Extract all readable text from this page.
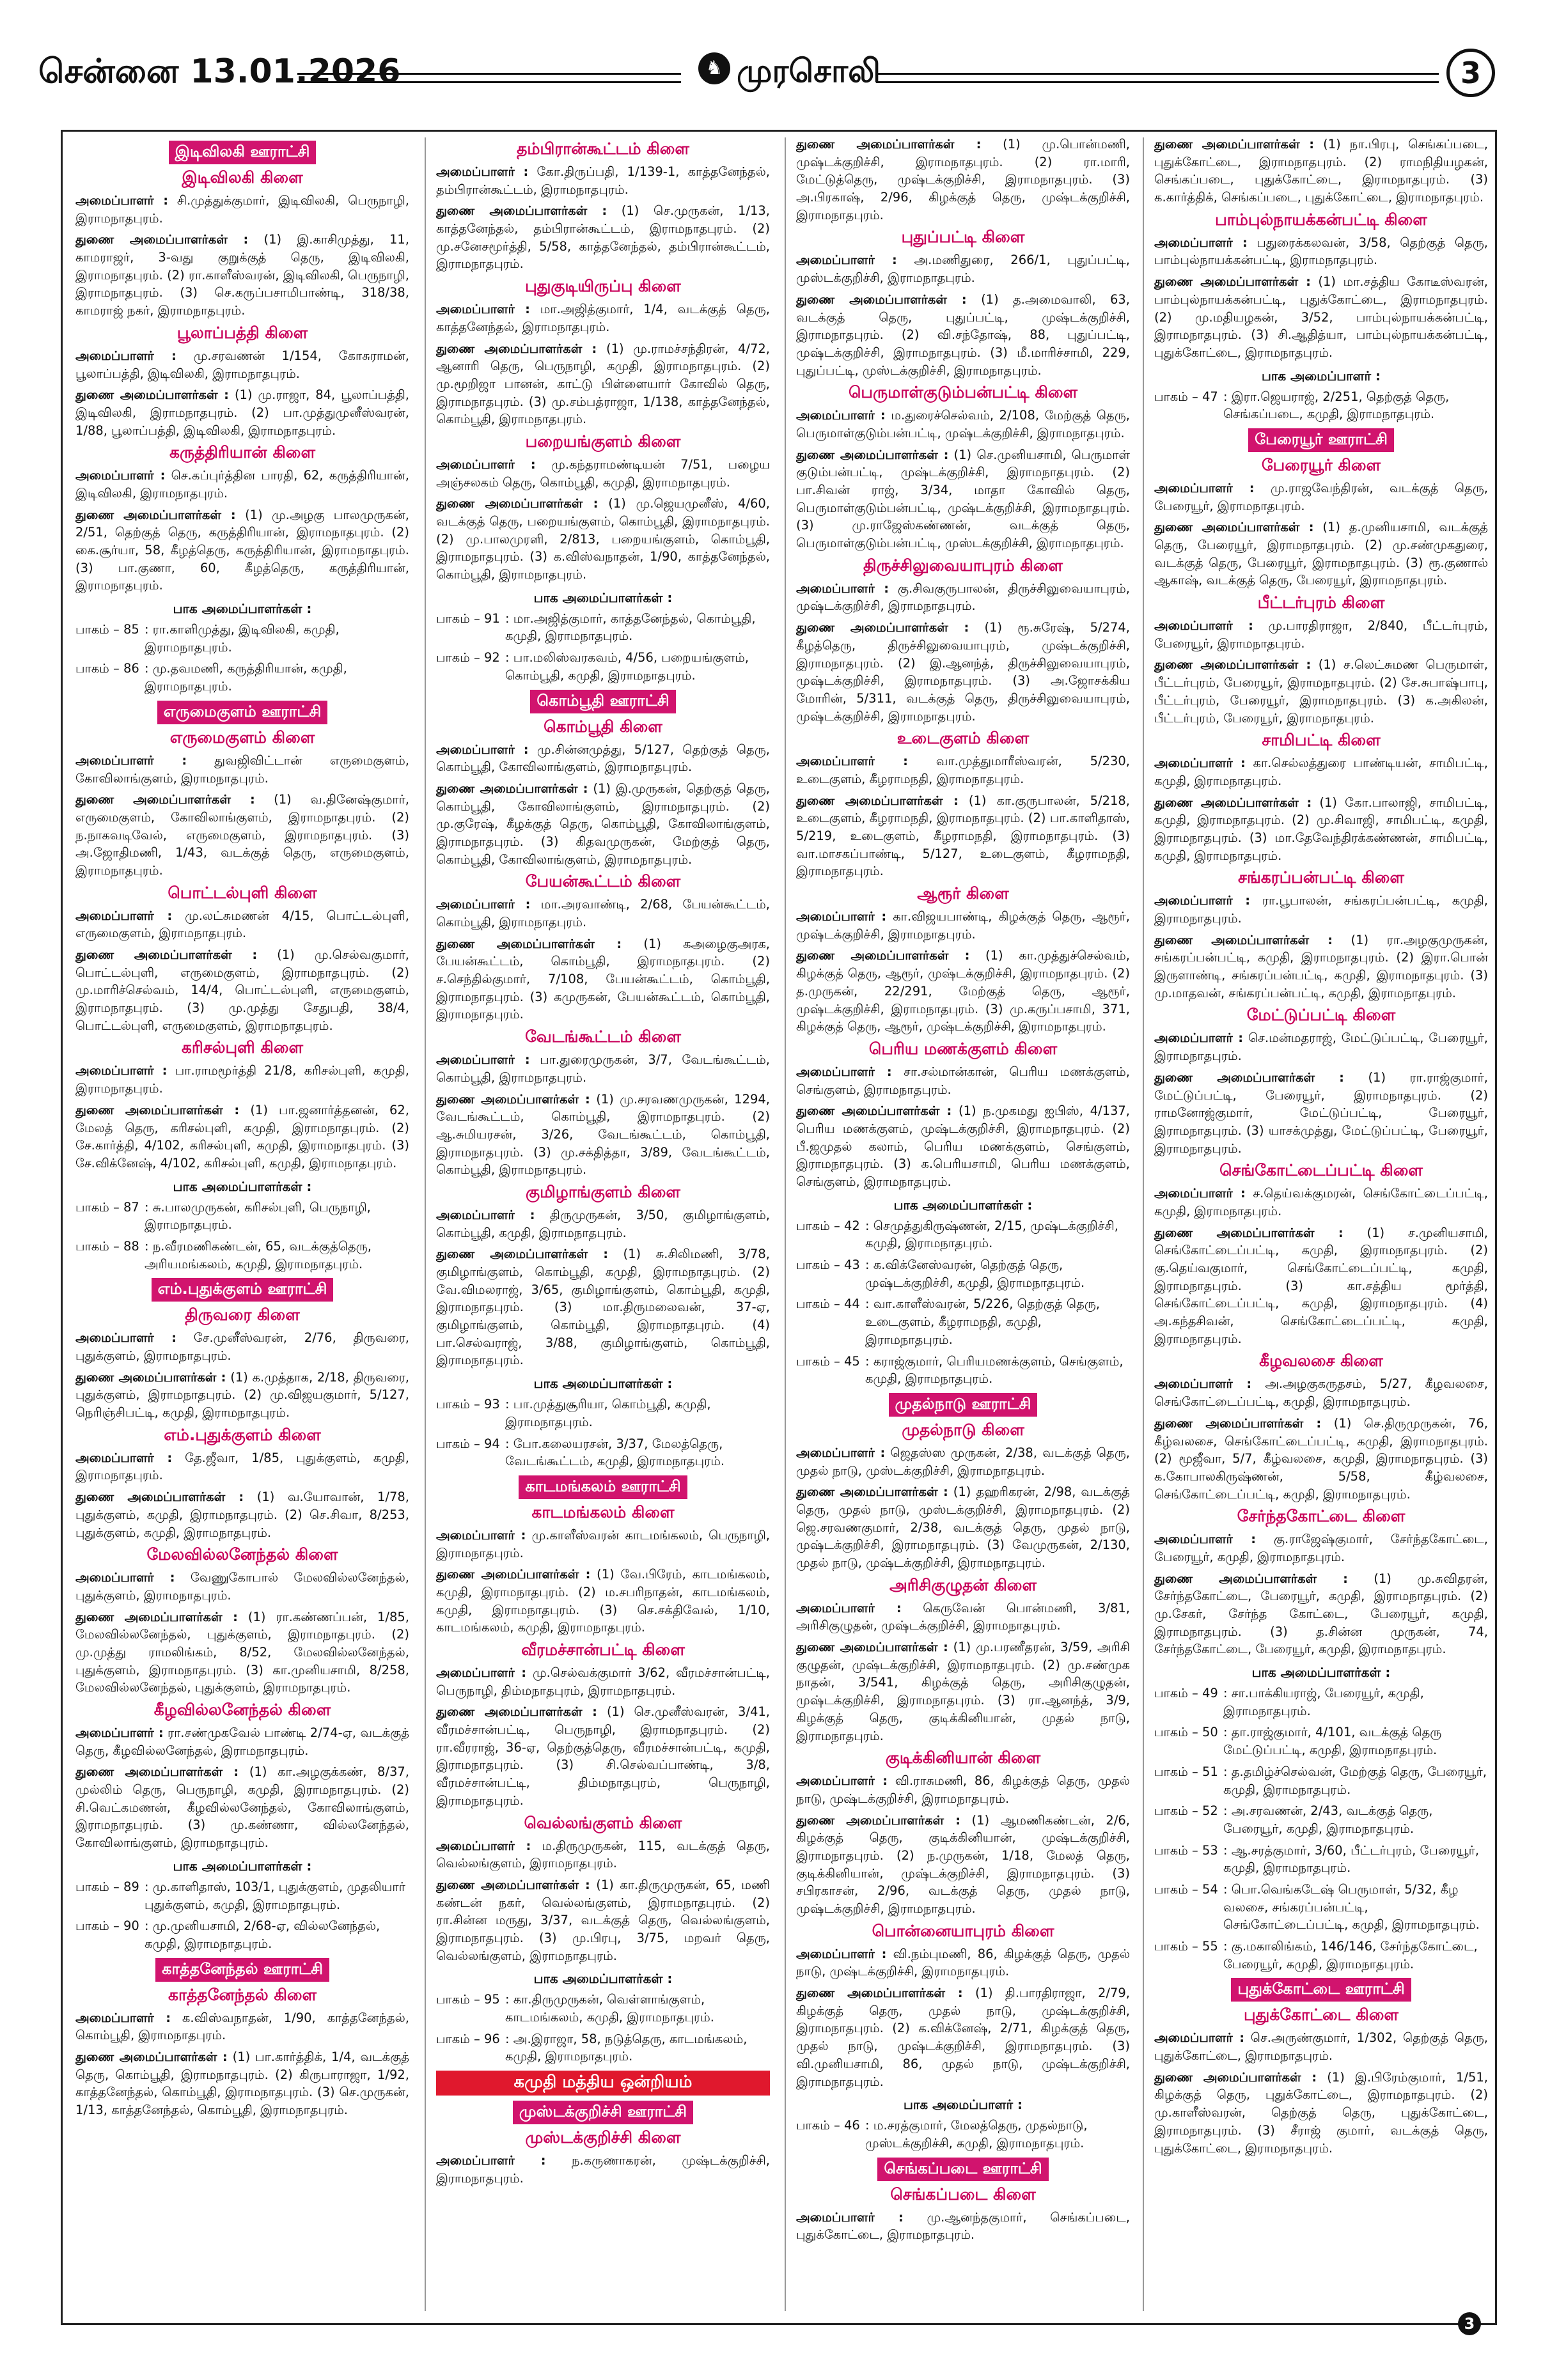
சென்னை 13.01.2026	♞ முரசொலி	3
இடிவிலகி ஊராட்சி
இடிவிலகி கிளை

அமைப்பாளர் : சி.முத்துக்குமார், இடிவிலகி, பெருநாழி, இராமநாதபுரம்.

துணை அமைப்பாளர்கள் : (1) இ.காசிமுத்து, 11, காமராஜர், 3-வது குறுக்குத் தெரு, இடிவிலகி, இராமநாதபுரம். (2) ரா.காளீஸ்வரன், இடிவிலகி, பெருநாழி, இராமநாதபுரம். (3) செ.கருப்பசாமிபாண்டி, 318/38, காமராஜ் நகர், இராமநாதபுரம்.

பூலாப்பத்தி கிளை

அமைப்பாளர் : மு.சரவணன் 1/154, கோசுராமன், பூலாப்பத்தி, இடிவிலகி, இராமநாதபுரம்.

துணை அமைப்பாளர்கள் : (1) மு.ராஜா, 84, பூலாப்பத்தி, இடிவிலகி, இராமநாதபுரம். (2) பா.முத்துமுனீஸ்வரன், 1/88, பூலாப்பத்தி, இடிவிலகி, இராமநாதபுரம்.

கருத்திரியான் கிளை

அமைப்பாளர் : செ.கப்புர்த்தின பாரதி, 62, கருத்திரியான், இடிவிலகி, இராமநாதபுரம்.

துணை அமைப்பாளர்கள் : (1) மு.அழகு பாலமுருகன், 2/51, தெற்குத் தெரு, கருத்திரியான், இராமநாதபுரம். (2) கை.சூர்யா, 58, கீழத்தெரு, கருத்திரியான், இராமநாதபுரம். (3) பா.குணா, 60, கீழத்தெரு, கருத்திரியான், இராமநாதபுரம்.

பாக அமைப்பாளர்கள் :
பாகம் – 85 : ரா.காளிமுத்து, இடிவிலகி, கமுதி, இராமநாதபுரம்.
பாகம் – 86 : மு.தவமணி, கருத்திரியான், கமுதி, இராமநாதபுரம்.
எருமைகுளம் ஊராட்சி
எருமைகுளம் கிளை

அமைப்பாளர் : துவஜிவிட்டான் எருமைகுளம், கோவிலாங்குளம், இராமநாதபுரம்.

துணை அமைப்பாளர்கள் : (1) வ.தினேஷ்குமார், எருமைகுளம், கோவிலாங்குளம், இராமநாதபுரம். (2) ந.நாகவடிவேல், எருமைகுளம், இராமநாதபுரம். (3) அ.ஜோதிமணி, 1/43, வடக்குத் தெரு, எருமைகுளம், இராமநாதபுரம்.

பொட்டல்புளி கிளை

அமைப்பாளர் : மு.லட்சுமணன் 4/15, பொட்டல்புளி, எருமைகுளம், இராமநாதபுரம்.

துணை அமைப்பாளர்கள் : (1) மு.செல்வகுமார், பொட்டல்புளி, எருமைகுளம், இராமநாதபுரம். (2) மு.மாரிச்செல்வம், 14/4, பொட்டல்புளி, எருமைகுளம், இராமநாதபுரம். (3) மு.முத்து சேதுபதி, 38/4, பொட்டல்புளி, எருமைகுளம், இராமநாதபுரம்.

கரிசல்புளி கிளை

அமைப்பாளர் : பா.ராமமூர்த்தி 21/8, கரிசல்புளி, கமுதி, இராமநாதபுரம்.

துணை அமைப்பாளர்கள் : (1) பா.ஜனார்த்தனன், 62, மேலத் தெரு, கரிசல்புளி, கமுதி, இராமநாதபுரம். (2) சே.கார்த்தி, 4/102, கரிசல்புளி, கமுதி, இராமநாதபுரம். (3) சே.விக்னேஷ், 4/102, கரிசல்புளி, கமுதி, இராமநாதபுரம்.

பாக அமைப்பாளர்கள் :
பாகம் – 87 : சு.பாலமுருகன், கரிசல்புளி, பெருநாழி, இராமநாதபுரம்.
பாகம் – 88 : ந.வீரமணிகண்டன், 65, வடக்குத்தெரு, அரியமங்கலம், கமுதி, இராமநாதபுரம்.
எம்.புதுக்குளம் ஊராட்சி
திருவரை கிளை

அமைப்பாளர் : சே.முனீஸ்வரன், 2/76, திருவரை, புதுக்குளம், இராமநாதபுரம்.

துணை அமைப்பாளர்கள் : (1) க.முத்தாக, 2/18, திருவரை, புதுக்குளம், இராமநாதபுரம். (2) மு.விஜயகுமார், 5/127, நெரிஞ்சிபட்டி, கமுதி, இராமநாதபுரம்.

எம்.புதுக்குளம் கிளை

அமைப்பாளர் : தே.ஜீவா, 1/85, புதுக்குளம், கமுதி, இராமநாதபுரம்.

துணை அமைப்பாளர்கள் : (1) வ.யோவான், 1/78, புதுக்குளம், கமுதி, இராமநாதபுரம். (2) செ.சிவா, 8/253, புதுக்குளம், கமுதி, இராமநாதபுரம்.

மேலவில்லனேந்தல் கிளை

அமைப்பாளர் : வேணுகோபால் மேலவில்லனேந்தல், புதுக்குளம், இராமநாதபுரம்.

துணை அமைப்பாளர்கள் : (1) ரா.கண்ணப்பன், 1/85, மேலவில்லனேந்தல், புதுக்குளம், இராமநாதபுரம். (2) மு.முத்து ராமலிங்கம், 8/52, மேலவில்லனேந்தல், புதுக்குளம், இராமநாதபுரம். (3) கா.முனியசாமி, 8/258, மேலவில்லனேந்தல், புதுக்குளம், இராமநாதபுரம்.

கீழவில்லனேந்தல் கிளை

அமைப்பாளர் : ரா.சண்முகவேல் பாண்டி 2/74-ஏ, வடக்குத் தெரு, கீழவில்லனேந்தல், இராமநாதபுரம்.

துணை அமைப்பாளர்கள் : (1) கா.அழகுக்கண், 8/37, முல்லிம் தெரு, பெருநாழி, கமுதி, இராமநாதபுரம். (2) சி.வெட்கமணன், கீழவில்லனேந்தல், கோவிலாங்குளம், இராமநாதபுரம். (3) மு.கண்ணா, வில்லனேந்தல், கோவிலாங்குளம், இராமநாதபுரம்.

பாக அமைப்பாளர்கள் :
பாகம் – 89 : மு.காளிதாஸ், 103/1, புதுக்குளம், முதலியார் புதுக்குளம், கமுதி, இராமநாதபுரம்.
பாகம் – 90 : மு.முனியசாமி, 2/68-ஏ, வில்லனேந்தல், கமுதி, இராமநாதபுரம்.
காத்தனேந்தல் ஊராட்சி
காத்தனேந்தல் கிளை

அமைப்பாளர் : க.விஸ்வநாதன், 1/90, காத்தனேந்தல், கொம்பூதி, இராமநாதபுரம்.

துணை அமைப்பாளர்கள் : (1) பா.கார்த்திக், 1/4, வடக்குத் தெரு, கொம்பூதி, இராமநாதபுரம். (2) கிருபாராஜா, 1/92, காத்தனேந்தல், கொம்பூதி, இராமநாதபுரம். (3) செ.முருகன், 1/13, காத்தனேந்தல், கொம்பூதி, இராமநாதபுரம்.

தம்பிரான்கூட்டம் கிளை

அமைப்பாளர் : கோ.திருப்பதி, 1/139-1, காத்தனேந்தல், தம்பிரான்கூட்டம், இராமநாதபுரம்.

துணை அமைப்பாளர்கள் : (1) செ.முருகன், 1/13, காத்தனேந்தல், தம்பிரான்கூட்டம், இராமநாதபுரம். (2) மு.சனேசமூர்த்தி, 5/58, காத்தனேந்தல், தம்பிரான்கூட்டம், இராமநாதபுரம்.

புதுகுடியிருப்பு கிளை

அமைப்பாளர் : மா.அஜித்குமார், 1/4, வடக்குத் தெரு, காத்தனேந்தல், இராமநாதபுரம்.

துணை அமைப்பாளர்கள் : (1) மு.ராமச்சந்திரன், 4/72, ஆனாரி தெரு, பெருநாழி, கமுதி, இராமநாதபுரம். (2) மு.மூறிஜா பானன், காட்டு பிள்ளையார் கோவில் தெரு, இராமநாதபுரம். (3) மு.சம்பத்ராஜா, 1/138, காத்தனேந்தல், கொம்பூதி, இராமநாதபுரம்.

பறையங்குளம் கிளை

அமைப்பாளர் : மு.கந்தராமண்டியன் 7/51, பழைய அஞ்சலகம் தெரு, கொம்பூதி, கமுதி, இராமநாதபுரம்.

துணை அமைப்பாளர்கள் : (1) மு.ஜெயமுனீஸ், 4/60, வடக்குத் தெரு, பறையங்குளம், கொம்பூதி, இராமநாதபுரம். (2) மு.பாலமுரளி, 2/813, பறையங்குளம், கொம்பூதி, இராமநாதபுரம். (3) க.விஸ்வநாதன், 1/90, காத்தனேந்தல், கொம்பூதி, இராமநாதபுரம்.

பாக அமைப்பாளர்கள் :
பாகம் – 91 : மா.அஜித்குமார், காத்தனேந்தல், கொம்பூதி, கமுதி, இராமநாதபுரம்.
பாகம் – 92 : பா.மலிஸ்வரகவம், 4/56, பறையங்குளம், கொம்பூதி, கமுதி, இராமநாதபுரம்.
கொம்பூதி ஊராட்சி
கொம்பூதி கிளை

அமைப்பாளர் : மு.சின்னமுத்து, 5/127, தெற்குத் தெரு, கொம்பூதி, கோவிலாங்குளம், இராமநாதபுரம்.

துணை அமைப்பாளர்கள் : (1) இ.முருகன், தெற்குத் தெரு, கொம்பூதி, கோவிலாங்குளம், இராமநாதபுரம். (2) மு.குரேஷ், கீழக்குத் தெரு, கொம்பூதி, கோவிலாங்குளம், இராமநாதபுரம். (3) கிதவமுருகன், மேற்குத் தெரு, கொம்பூதி, கோவிலாங்குளம், இராமநாதபுரம்.

பேயன்கூட்டம் கிளை

அமைப்பாளர் : மா.அரவாண்டி, 2/68, பேயன்கூட்டம், கொம்பூதி, இராமநாதபுரம்.

துணை அமைப்பாளர்கள் : (1) கஅழைகுஅரக, பேயன்கூட்டம், கொம்பூதி, இராமநாதபுரம். (2) ச.செந்தில்குமார், 7/108, பேயன்கூட்டம், கொம்பூதி, இராமநாதபுரம். (3) கமுருகன், பேயன்கூட்டம், கொம்பூதி, இராமநாதபுரம்.

வேடங்கூட்டம் கிளை

அமைப்பாளர் : பா.துரைமுருகன், 3/7, வேடங்கூட்டம், கொம்பூதி, இராமநாதபுரம்.

துணை அமைப்பாளர்கள் : (1) மு.சரவணமுருகன், 1294, வேடங்கூட்டம், கொம்பூதி, இராமநாதபுரம். (2) ஆ.சுமியரசன், 3/26, வேடங்கூட்டம், கொம்பூதி, இராமநாதபுரம். (3) மு.சக்தித்தா, 3/89, வேடங்கூட்டம், கொம்பூதி, இராமநாதபுரம்.

குமிழாங்குளம் கிளை

அமைப்பாளர் : திருமுருகன், 3/50, குமிழாங்குளம், கொம்பூதி, கமுதி, இராமநாதபுரம்.

துணை அமைப்பாளர்கள் : (1) சு.சிலிமணி, 3/78, குமிழாங்குளம், கொம்பூதி, கமுதி, இராமநாதபுரம். (2) வே.விமலராஜ், 3/65, குமிழாங்குளம், கொம்பூதி, கமுதி, இராமநாதபுரம். (3) மா.திருமலைவன், 37-ஏ, குமிழாங்குளம், கொம்பூதி, இராமநாதபுரம். (4) பா.செல்வராஜ், 3/88, குமிழாங்குளம், கொம்பூதி, இராமநாதபுரம்.

பாக அமைப்பாளர்கள் :
பாகம் – 93 : பா.முத்துசூரியா, கொம்பூதி, கமுதி, இராமநாதபுரம்.
பாகம் – 94 : போ.கலையரசன், 3/37, மேலத்தெரு, வேடங்கூட்டம், கமுதி, இராமநாதபுரம்.
காடமங்கலம் ஊராட்சி
காடமங்கலம் கிளை

அமைப்பாளர் : மு.காளீஸ்வரன் காடமங்கலம், பெருநாழி, இராமநாதபுரம்.

துணை அமைப்பாளர்கள் : (1) வே.பிரேம், காடமங்கலம், கமுதி, இராமநாதபுரம். (2) ம.சபரிநாதன், காடமங்கலம், கமுதி, இராமநாதபுரம். (3) செ.சக்திவேல், 1/10, காடமங்கலம், கமுதி, இராமநாதபுரம்.

வீரமச்சான்பட்டி கிளை

அமைப்பாளர் : மு.செல்வக்குமார் 3/62, வீரமச்சான்பட்டி, பெருநாழி, திம்மநாதபுரம், இராமநாதபுரம்.

துணை அமைப்பாளர்கள் : (1) செ.முனீஸ்வரன், 3/41, வீரமச்சான்பட்டி, பெருநாழி, இராமநாதபுரம். (2) ரா.வீரராஜ், 36-ஏ, தெற்குத்தெரு, வீரமச்சான்பட்டி, கமுதி, இராமநாதபுரம். (3) சி.செல்வப்பாண்டி, 3/8, வீரமச்சான்பட்டி, திம்மநாதபுரம், பெருநாழி, இராமநாதபுரம்.

வெல்லங்குளம் கிளை

அமைப்பாளர் : ம.திருமுருகன், 115, வடக்குத் தெரு, வெல்லங்குளம், இராமநாதபுரம்.

துணை அமைப்பாளர்கள் : (1) கா.திருமுருகன், 65, மணி கண்டன் நகர், வெல்லங்குளம், இராமநாதபுரம். (2) ரா.சின்ன மருது, 3/37, வடக்குத் தெரு, வெல்லங்குளம், இராமநாதபுரம். (3) மு.பிரபு, 3/75, மறவர் தெரு, வெல்லங்குளம், இராமநாதபுரம்.

பாக அமைப்பாளர்கள் :
பாகம் – 95 : கா.திருமுருகன், வெள்ளாங்குளம், காடமங்கலம், கமுதி, இராமநாதபுரம்.
பாகம் – 96 : அ.இராஜா, 58, நடுத்தெரு, காடமங்கலம், கமுதி, இராமநாதபுரம்.
கமுதி மத்திய ஒன்றியம்
முஸ்டக்குறிச்சி ஊராட்சி
முஸ்டக்குறிச்சி கிளை

அமைப்பாளர் : ந.கருணாகரன், முஷ்டக்குறிச்சி, இராமநாதபுரம்.

துணை அமைப்பாளர்கள் : (1) மு.பொன்மணி, முஷ்டக்குறிச்சி, இராமநாதபுரம். (2) ரா.மாரி, மேட்டுத்தெரு, முஷ்டக்குறிச்சி, இராமநாதபுரம். (3) அ.பிரகாஷ், 2/96, கிழக்குத் தெரு, முஷ்டக்குறிச்சி, இராமநாதபுரம்.

புதுப்பட்டி கிளை

அமைப்பாளர் : அ.மணிதுரை, 266/1, புதுப்பட்டி, முஸ்டக்குறிச்சி, இராமநாதபுரம்.

துணை அமைப்பாளர்கள் : (1) த.அமைவாலி, 63, வடக்குத் தெரு, புதுப்பட்டி, முஷ்டக்குறிச்சி, இராமநாதபுரம். (2) வி.சந்தோஷ், 88, புதுப்பட்டி, முஷ்டக்குறிச்சி, இராமநாதபுரம். (3) மீ.மாரிச்சாமி, 229, புதுப்பட்டி, முஸ்டக்குறிச்சி, இராமநாதபுரம்.

பெருமாள்குடும்பன்பட்டி கிளை

அமைப்பாளர் : ம.துரைச்செல்வம், 2/108, மேற்குத் தெரு, பெருமாள்குடும்பன்பட்டி, முஷ்டக்குறிச்சி, இராமநாதபுரம்.

துணை அமைப்பாளர்கள் : (1) செ.முனியசாமி, பெருமாள் குடும்பன்பட்டி, முஷ்டக்குறிச்சி, இராமநாதபுரம். (2) பா.சிவன் ராஜ், 3/34, மாதா கோவில் தெரு, பெருமாள்குடும்பன்பட்டி, முஷ்டக்குறிச்சி, இராமநாதபுரம். (3) மு.ராஜேஸ்கண்ணன், வடக்குத் தெரு, பெருமாள்குடும்பன்பட்டி, முஸ்டக்குறிச்சி, இராமநாதபுரம்.

திருச்சிலுவையாபுரம் கிளை

அமைப்பாளர் : கு.சிவகுருபாலன், திருச்சிலுவையாபுரம், முஷ்டக்குறிச்சி, இராமநாதபுரம்.

துணை அமைப்பாளர்கள் : (1) ரூ.சுரேஷ், 5/274, கீழத்தெரு, திருச்சிலுவையாபுரம், முஷ்டக்குறிச்சி, இராமநாதபுரம். (2) இ.ஆனந்த், திருச்சிலுவையாபுரம், முஷ்டக்குறிச்சி, இராமநாதபுரம். (3) அ.ஜோசக்கிய மோரின், 5/311, வடக்குத் தெரு, திருச்சிலுவையாபுரம், முஷ்டக்குறிச்சி, இராமநாதபுரம்.

உடைகுளம் கிளை

அமைப்பாளர் : வா.முத்துமாரீஸ்வரன், 5/230, உடைகுளம், கீழராமநதி, இராமநாதபுரம்.

துணை அமைப்பாளர்கள் : (1) கா.குருபாலன், 5/218, உடைகுளம், கீழராமநதி, இராமநாதபுரம். (2) பா.காளிதாஸ், 5/219, உடைகுளம், கீழராமநதி, இராமநாதபுரம். (3) வா.மாசகப்பாண்டி, 5/127, உடைகுளம், கீழராமநதி, இராமநாதபுரம்.

ஆரூர் கிளை

அமைப்பாளர் : கா.விஜயபாண்டி, கிழக்குத் தெரு, ஆரூர், முஷ்டக்குறிச்சி, இராமநாதபுரம்.

துணை அமைப்பாளர்கள் : (1) கா.முத்துச்செல்வம், கிழக்குத் தெரு, ஆரூர், முஷ்டக்குறிச்சி, இராமநாதபுரம். (2) த.முருகன், 22/291, மேற்குத் தெரு, ஆரூர், முஷ்டக்குறிச்சி, இராமநாதபுரம். (3) மு.கருப்பசாமி, 371, கிழக்குத் தெரு, ஆரூர், முஷ்டக்குறிச்சி, இராமநாதபுரம்.

பெரிய மணக்குளம் கிளை

அமைப்பாளர் : சா.சல்மான்கான், பெரிய மணக்குளம், செங்குளம், இராமநாதபுரம்.

துணை அமைப்பாளர்கள் : (1) ந.முகமது ஐபிஸ், 4/137, பெரிய மணக்குளம், முஷ்டக்குறிச்சி, இராமநாதபுரம். (2) பீ.ஜமுதல் கலாம், பெரிய மணக்குளம், செங்குளம், இராமநாதபுரம். (3) க.பெரியசாமி, பெரிய மணக்குளம், செங்குளம், இராமநாதபுரம்.

பாக அமைப்பாளர்கள் :
பாகம் – 42 : செமுத்துகிருஷ்ணன், 2/15, முஷ்டக்குறிச்சி, கமுதி, இராமநாதபுரம்.
பாகம் – 43 : க.விக்னேஸ்வரன், தெற்குத் தெரு, முஷ்டக்குறிச்சி, கமுதி, இராமநாதபுரம்.
பாகம் – 44 : வா.காளீஸ்வரன், 5/226, தெற்குத் தெரு, உடைகுளம், கீழராமநதி, கமுதி, இராமநாதபுரம்.
பாகம் – 45 : கராஜ்குமார், பெரியமணக்குளம், செங்குளம், கமுதி, இராமநாதபுரம்.
முதல்நாடு ஊராட்சி
முதல்நாடு கிளை

அமைப்பாளர் : ஜெதஸ்ஸ முருகன், 2/38, வடக்குத் தெரு, முதல் நாடு, முஸ்டக்குறிச்சி, இராமநாதபுரம்.

துணை அமைப்பாளர்கள் : (1) தஹரிகரன், 2/98, வடக்குத் தெரு, முதல் நாடு, முஸ்டக்குறிச்சி, இராமநாதபுரம். (2) ஜெ.சரவணகுமார், 2/38, வடக்குத் தெரு, முதல் நாடு, முஷ்டக்குறிச்சி, இராமநாதபுரம். (3) வேமுருகன், 2/130, முதல் நாடு, முஷ்டக்குறிச்சி, இராமநாதபுரம்.

அரிசிகுழுதன் கிளை

அமைப்பாளர் : கெருவேன் பொன்மணி, 3/81, அரிசிகுழுதன், முஷ்டக்குறிச்சி, இராமநாதபுரம்.

துணை அமைப்பாளர்கள் : (1) மு.பரணீதரன், 3/59, அரிசி குழுதன், முஷ்டக்குறிச்சி, இராமநாதபுரம். (2) மு.சண்முக நாதன், 3/541, கிழக்குத் தெரு, அரிசிகுழுதன், முஷ்டக்குறிச்சி, இராமநாதபுரம். (3) ரா.ஆனந்த், 3/9, கிழக்குத் தெரு, குடிக்கினியான், முதல் நாடு, இராமநாதபுரம்.

குடிக்கினியான் கிளை

அமைப்பாளர் : வி.ராசுமணி, 86, கிழக்குத் தெரு, முதல் நாடு, முஷ்டக்குறிச்சி, இராமநாதபுரம்.

துணை அமைப்பாளர்கள் : (1) ஆமணிகண்டன், 2/6, கிழக்குத் தெரு, குடிக்கினியான், முஷ்டக்குறிச்சி, இராமநாதபுரம். (2) ந.முருகன், 1/18, மேலத் தெரு, குடிக்கினியான், முஷ்டக்குறிச்சி, இராமநாதபுரம். (3) சபிரகாசன், 2/96, வடக்குத் தெரு, முதல் நாடு, முஷ்டக்குறிச்சி, இராமநாதபுரம்.

பொன்னையாபுரம் கிளை

அமைப்பாளர் : வி.நம்புமணி, 86, கிழக்குத் தெரு, முதல் நாடு, முஷ்டக்குறிச்சி, இராமநாதபுரம்.

துணை அமைப்பாளர்கள் : (1) தி.பாரதிராஜா, 2/79, கிழக்குத் தெரு, முதல் நாடு, முஷ்டக்குறிச்சி, இராமநாதபுரம். (2) க.விக்னேஷ், 2/71, கிழக்குத் தெரு, முதல் நாடு, முஷ்டக்குறிச்சி, இராமநாதபுரம். (3) வி.முனியசாமி, 86, முதல் நாடு, முஷ்டக்குறிச்சி, இராமநாதபுரம்.

பாக அமைப்பாளர் :
பாகம் – 46 : ம.சரத்குமார், மேலத்தெரு, முதல்நாடு, முஸ்டக்குறிச்சி, கமுதி, இராமநாதபுரம்.
செங்கப்படை ஊராட்சி
செங்கப்படை கிளை

அமைப்பாளர் : மு.ஆனந்தகுமார், செங்கப்படை, புதுக்கோட்டை, இராமநாதபுரம்.

துணை அமைப்பாளர்கள் : (1) நா.பிரபு, செங்கப்படை, புதுக்கோட்டை, இராமநாதபுரம். (2) ராமநிதியழகன், செங்கப்படை, புதுக்கோட்டை, இராமநாதபுரம். (3) க.கார்த்திக், செங்கப்படை, புதுக்கோட்டை, இராமநாதபுரம்.

பாம்புல்நாயக்கன்பட்டி கிளை

அமைப்பாளர் : பதுரைக்கலவன், 3/58, தெற்குத் தெரு, பாம்புல்நாயக்கன்பட்டி, இராமநாதபுரம்.

துணை அமைப்பாளர்கள் : (1) மா.சத்திய கோடீஸ்வரன், பாம்புல்நாயக்கன்பட்டி, புதுக்கோட்டை, இராமநாதபுரம். (2) மு.மதியழகன், 3/52, பாம்புல்நாயக்கன்பட்டி, இராமநாதபுரம். (3) சி.ஆதித்யா, பாம்புல்நாயக்கன்பட்டி, புதுக்கோட்டை, இராமநாதபுரம்.

பாக அமைப்பாளர் :
பாகம் – 47 : இரா.ஜெயராஜ், 2/251, தெற்குத் தெரு, செங்கப்படை, கமுதி, இராமநாதபுரம்.
பேரையூர் ஊராட்சி
பேரையூர் கிளை

அமைப்பாளர் : மு.ராஜவேந்திரன், வடக்குத் தெரு, பேரையூர், இராமநாதபுரம்.

துணை அமைப்பாளர்கள் : (1) த.முனியசாமி, வடக்குத் தெரு, பேரையூர், இராமநாதபுரம். (2) மு.சண்முகதுரை, வடக்குத் தெரு, பேரையூர், இராமநாதபுரம். (3) ரூ.குணால் ஆகாஷ், வடக்குத் தெரு, பேரையூர், இராமநாதபுரம்.

பீட்டர்புரம் கிளை

அமைப்பாளர் : மு.பாரதிராஜா, 2/840, பீட்டர்புரம், பேரையூர், இராமநாதபுரம்.

துணை அமைப்பாளர்கள் : (1) ச.லெட்சுமண பெருமாள், பீட்டர்புரம், பேரையூர், இராமநாதபுரம். (2) சே.சுபாஷ்பாபு, பீட்டர்புரம், பேரையூர், இராமநாதபுரம். (3) க.அகிலன், பீட்டர்புரம், பேரையூர், இராமநாதபுரம்.

சாமிபட்டி கிளை

அமைப்பாளர் : கா.செல்லத்துரை பாண்டியன், சாமிபட்டி, கமுதி, இராமநாதபுரம்.

துணை அமைப்பாளர்கள் : (1) கோ.பாலாஜி, சாமிபட்டி, கமுதி, இராமநாதபுரம். (2) மு.சிவாஜி, சாமிபட்டி, கமுதி, இராமநாதபுரம். (3) மா.தேவேந்திரக்கண்ணன், சாமிபட்டி, கமுதி, இராமநாதபுரம்.

சங்கரப்பன்பட்டி கிளை

அமைப்பாளர் : ரா.பூபாலன், சங்கரப்பன்பட்டி, கமுதி, இராமநாதபுரம்.

துணை அமைப்பாளர்கள் : (1) ரா.அழகுமுருகன், சங்கரப்பன்பட்டி, கமுதி, இராமநாதபுரம். (2) இரா.பொன் இருளாண்டி, சங்கரப்பன்பட்டி, கமுதி, இராமநாதபுரம். (3) மு.மாதவன், சங்கரப்பன்பட்டி, கமுதி, இராமநாதபுரம்.

மேட்டுப்பட்டி கிளை

அமைப்பாளர் : செ.மன்மதராஜ், மேட்டுப்பட்டி, பேரையூர், இராமநாதபுரம்.

துணை அமைப்பாளர்கள் : (1) ரா.ராஜ்குமார், மேட்டுப்பட்டி, பேரையூர், இராமநாதபுரம். (2) ராமனோஜ்குமார், மேட்டுப்பட்டி, பேரையூர், இராமநாதபுரம். (3) யாசக்முத்து, மேட்டுப்பட்டி, பேரையூர், இராமநாதபுரம்.

செங்கோட்டைப்பட்டி கிளை

அமைப்பாளர் : ச.தெய்வக்குமரன், செங்கோட்டைப்பட்டி, கமுதி, இராமநாதபுரம்.

துணை அமைப்பாளர்கள் : (1) ச.முனியசாமி, செங்கோட்டைப்பட்டி, கமுதி, இராமநாதபுரம். (2) கு.தெய்வகுமார், செங்கோட்டைப்பட்டி, கமுதி, இராமநாதபுரம். (3) கா.சத்திய மூர்த்தி, செங்கோட்டைப்பட்டி, கமுதி, இராமநாதபுரம். (4) அ.கந்தசிவன், செங்கோட்டைப்பட்டி, கமுதி, இராமநாதபுரம்.

கீழவலசை கிளை

அமைப்பாளர் : அ.அழகுகருதசம், 5/27, கீழவலசை, செங்கோட்டைப்பட்டி, கமுதி, இராமநாதபுரம்.

துணை அமைப்பாளர்கள் : (1) செ.திருமுருகன், 76, கீழ்வலசை, செங்கோட்டைப்பட்டி, கமுதி, இராமநாதபுரம். (2) மூஜீவா, 5/7, கீழ்வலசை, கமுதி, இராமநாதபுரம். (3) க.கோபாலகிருஷ்ணன், 5/58, கீழ்வலசை, செங்கோட்டைப்பட்டி, கமுதி, இராமநாதபுரம்.

சேர்ந்தகோட்டை கிளை

அமைப்பாளர் : கு.ராஜேஷ்குமார், சேர்ந்தகோட்டை, பேரையூர், கமுதி, இராமநாதபுரம்.

துணை அமைப்பாளர்கள் : (1) மு.சுவிதரன், சேர்ந்தகோட்டை, பேரையூர், கமுதி, இராமநாதபுரம். (2) மு.சேகர், சேர்ந்த கோட்டை, பேரையூர், கமுதி, இராமநாதபுரம். (3) த.சின்ன முருகன், 74, சேர்ந்தகோட்டை, பேரையூர், கமுதி, இராமநாதபுரம்.

பாக அமைப்பாளர்கள் :
பாகம் – 49 : சா.பாக்கியராஜ், பேரையூர், கமுதி, இராமநாதபுரம்.
பாகம் – 50 : தா.ராஜ்குமார், 4/101, வடக்குத் தெரு மேட்டுப்பட்டி, கமுதி, இராமநாதபுரம்.
பாகம் – 51 : த.தமிழ்ச்செல்வன், மேற்குத் தெரு, பேரையூர், கமுதி, இராமநாதபுரம்.
பாகம் – 52 : அ.சரவணன், 2/43, வடக்குத் தெரு, பேரையூர், கமுதி, இராமநாதபுரம்.
பாகம் – 53 : ஆ.சரத்குமார், 3/60, பீட்டர்புரம், பேரையூர், கமுதி, இராமநாதபுரம்.
பாகம் – 54 : பொ.வெங்கடேஷ் பெருமாள், 5/32, கீழ வலசை, சங்கரப்பன்பட்டி, செங்கோட்டைப்பட்டி, கமுதி, இராமநாதபுரம்.
பாகம் – 55 : கு.மகாலிங்கம், 146/146, சேர்ந்தகோட்டை, பேரையூர், கமுதி, இராமநாதபுரம்.
புதுக்கோட்டை ஊராட்சி
புதுக்கோட்டை கிளை

அமைப்பாளர் : செ.அருண்குமார், 1/302, தெற்குத் தெரு, புதுக்கோட்டை, இராமநாதபுரம்.

துணை அமைப்பாளர்கள் : (1) இ.பிரேம்குமார், 1/51, கிழக்குத் தெரு, புதுக்கோட்டை, இராமநாதபுரம். (2) மு.காளீஸ்வரன், தெற்குத் தெரு, புதுக்கோட்டை, இராமநாதபுரம். (3) சீராஜ் குமார், வடக்குத் தெரு, புதுக்கோட்டை, இராமநாதபுரம்.

3
